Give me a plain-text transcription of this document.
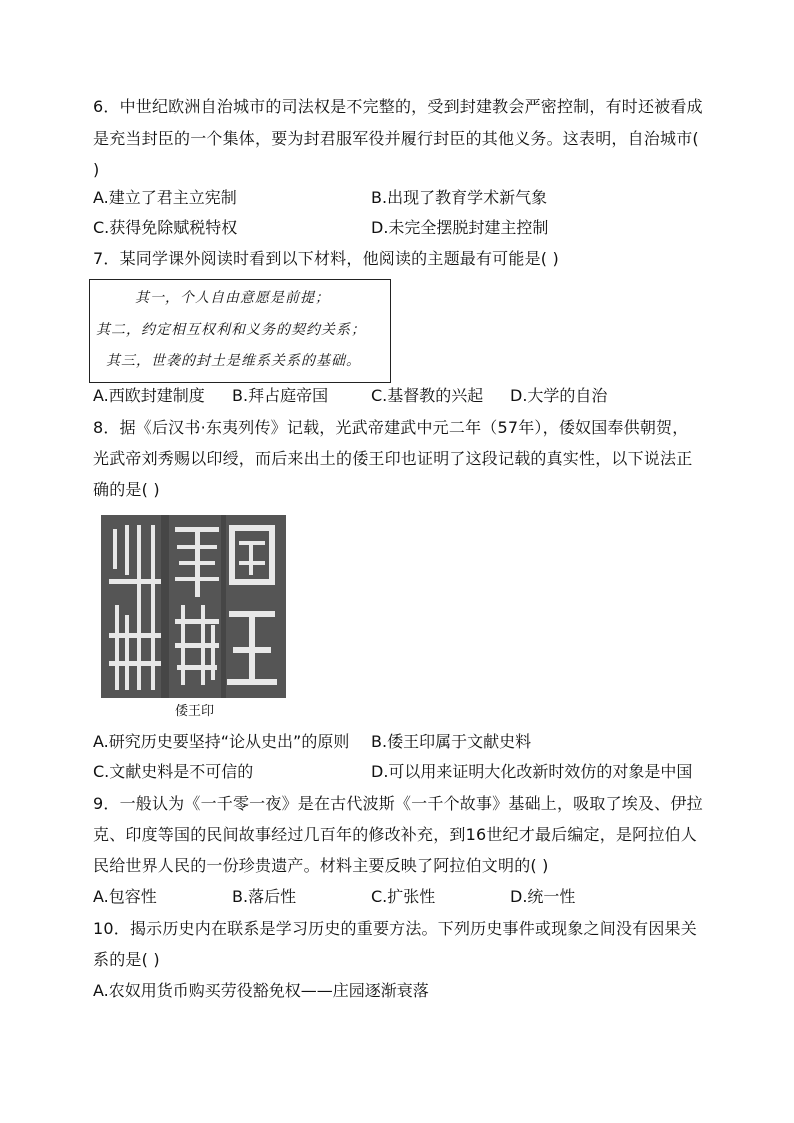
6．中世纪欧洲自治城市的司法权是不完整的，受到封建教会严密控制，有时还被看成
是充当封臣的一个集体，要为封君服军役并履行封臣的其他义务。这表明，自治城市(
)
A.建立了君主立宪制	B.出现了教育学术新气象
C.获得免除赋税特权	D.未完全摆脱封建主控制
7．某同学课外阅读时看到以下材料，他阅读的主题最有可能是( )
其一，个人自由意愿是前提；
其二，约定相互权利和义务的契约关系；
其三，世袭的封土是维系关系的基础。
A.西欧封建制度 B.拜占庭帝国	C.基督教的兴起 D.大学的自治
8．据《后汉书·东夷列传》记载，光武帝建武中元二年（57年），倭奴国奉供朝贺，
光武帝刘秀赐以印绶，而后来出土的倭王印也证明了这段记载的真实性，以下说法正
确的是( )
倭王印
A.研究历史要坚持“论从史出”的原则 B.倭王印属于文献史料
C.文献史料是不可信的	D.可以用来证明大化改新时效仿的对象是中国
9．一般认为《一千零一夜》是在古代波斯《一千个故事》基础上，吸取了埃及、伊拉
克、印度等国的民间故事经过几百年的修改补充，到16世纪才最后编定，是阿拉伯人
民给世界人民的一份珍贵遗产。材料主要反映了阿拉伯文明的( )
A.包容性	B.落后性	C.扩张性	D.统一性
10．揭示历史内在联系是学习历史的重要方法。下列历史事件或现象之间没有因果关
系的是( )
A.农奴用货币购买劳役豁免权——庄园逐渐衰落
